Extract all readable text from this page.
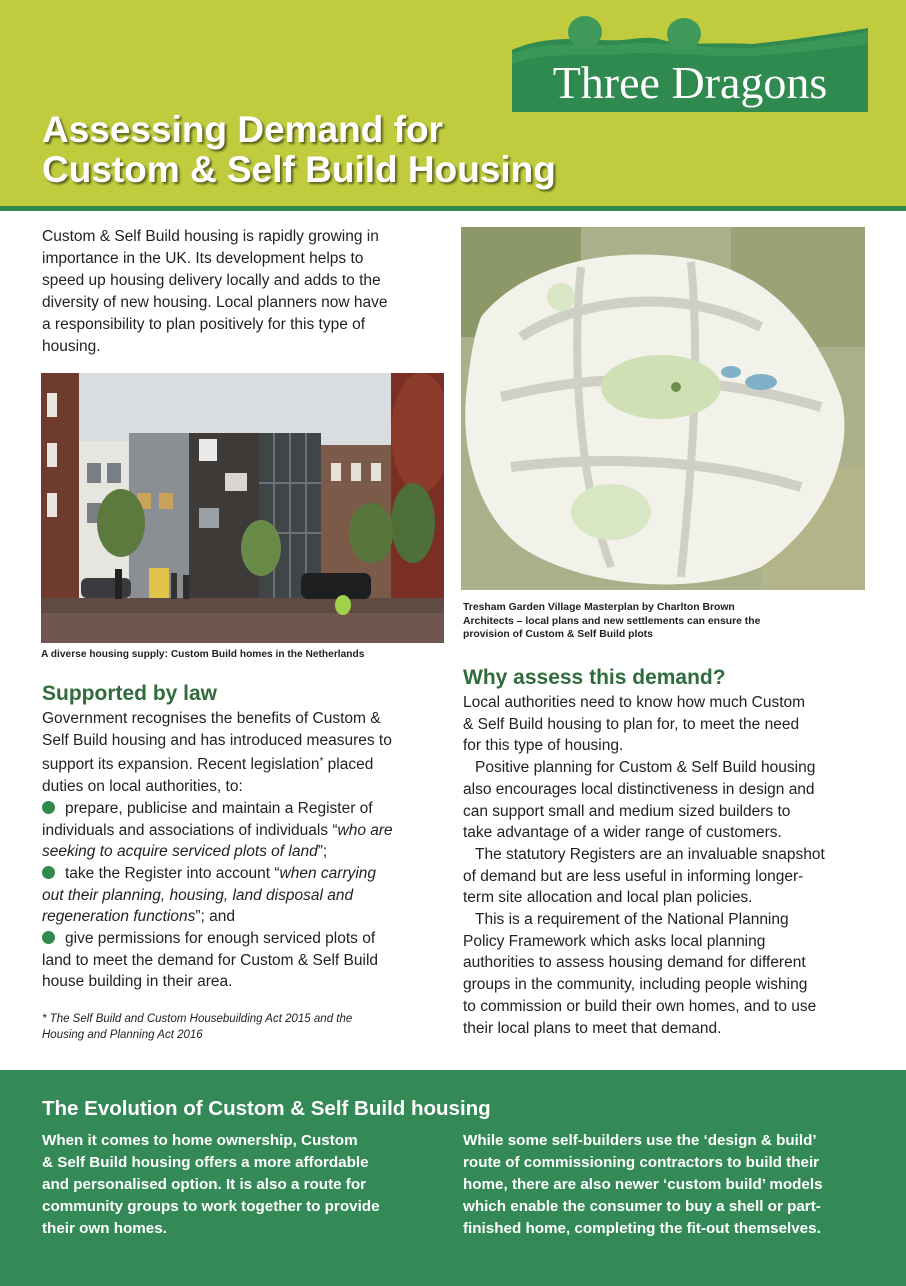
Three Dragons
Assessing Demand for
Custom & Self Build Housing
Custom & Self Build housing is rapidly growing in
importance in the UK. Its development helps to
speed up housing delivery locally and adds to the
diversity of new housing. Local planners now have
a responsibility to plan positively for this type of
housing.
A diverse housing supply: Custom Build homes in the Netherlands
Supported by law
Government recognises the benefits of Custom &
Self Build housing and has introduced measures to
support its expansion. Recent legislation* placed
duties on local authorities, to:
prepare, publicise and maintain a Register of
individuals and associations of individuals “who are
seeking to acquire serviced plots of land”;
take the Register into account “when carrying
out their planning, housing, land disposal and
regeneration functions”; and
give permissions for enough serviced plots of
land to meet the demand for Custom & Self Build
house building in their area.
* The Self Build and Custom Housebuilding Act 2015 and the
Housing and Planning Act 2016
Tresham Garden Village Masterplan by Charlton Brown
Architects – local plans and new settlements can ensure the
provision of Custom & Self Build plots
Why assess this demand?
Local authorities need to know how much Custom
& Self Build housing to plan for, to meet the need
for this type of housing.
Positive planning for Custom & Self Build housing
also encourages local distinctiveness in design and
can support small and medium sized builders to
take advantage of a wider range of customers.
The statutory Registers are an invaluable snapshot
of demand but are less useful in informing longer-
term site allocation and local plan policies.
This is a requirement of the National Planning
Policy Framework which asks local planning
authorities to assess housing demand for different
groups in the community, including people wishing
to commission or build their own homes, and to use
their local plans to meet that demand.
The Evolution of Custom & Self Build housing
When it comes to home ownership, Custom
& Self Build housing offers a more affordable
and personalised option. It is also a route for
community groups to work together to provide
their own homes.
While some self-builders use the ‘design & build’
route of commissioning contractors to build their
home, there are also newer ‘custom build’ models
which enable the consumer to buy a shell or part-
finished home, completing the fit-out themselves.
